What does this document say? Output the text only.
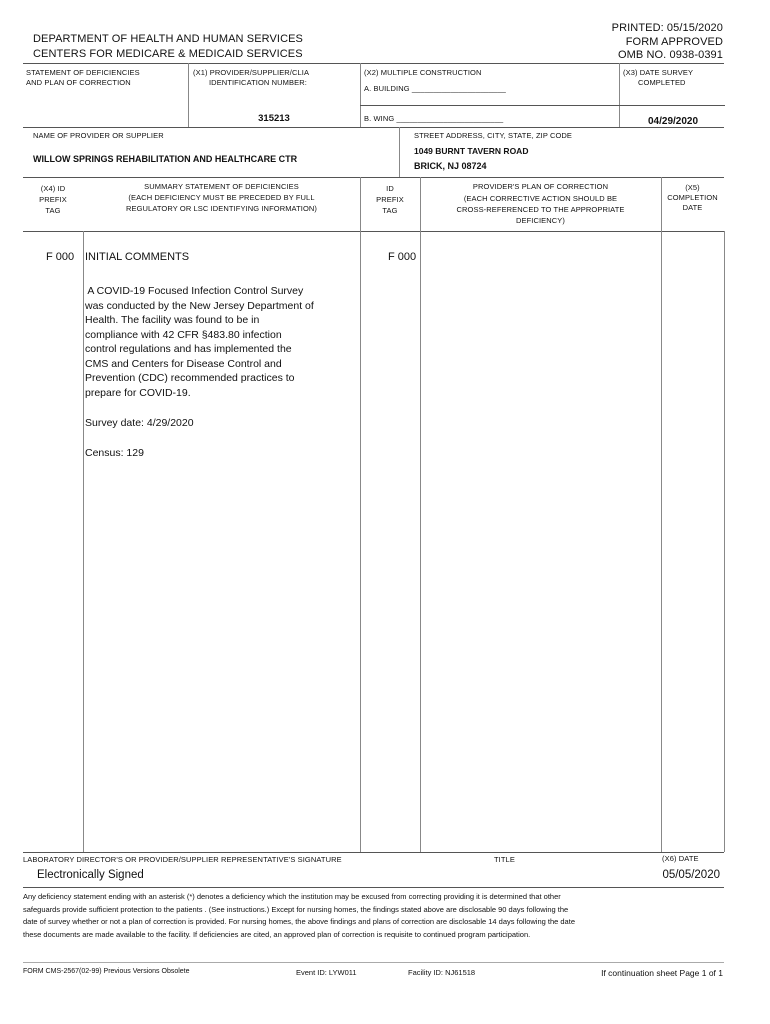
DEPARTMENT OF HEALTH AND HUMAN SERVICES
CENTERS FOR MEDICARE & MEDICAID SERVICES
PRINTED: 05/15/2020
FORM APPROVED
OMB NO. 0938-0391
STATEMENT OF DEFICIENCIES
AND PLAN OF CORRECTION
(X1) PROVIDER/SUPPLIER/CLIA
IDENTIFICATION NUMBER:
315213
(X2) MULTIPLE CONSTRUCTION
A. BUILDING ______________________
B. WING _________________________
(X3) DATE SURVEY
COMPLETED
04/29/2020
NAME OF PROVIDER OR SUPPLIER
WILLOW SPRINGS REHABILITATION AND HEALTHCARE CTR
STREET ADDRESS, CITY, STATE, ZIP CODE
1049 BURNT TAVERN ROAD
BRICK, NJ 08724
(X4) ID
PREFIX
TAG
SUMMARY STATEMENT OF DEFICIENCIES
(EACH DEFICIENCY MUST BE PRECEDED BY FULL
REGULATORY OR LSC IDENTIFYING INFORMATION)
ID
PREFIX
TAG
PROVIDER'S PLAN OF CORRECTION
(EACH CORRECTIVE ACTION SHOULD BE
CROSS-REFERENCED TO THE APPROPRIATE
DEFICIENCY)
(X5)
COMPLETION
DATE
F 000 INITIAL COMMENTS	F 000
A COVID-19 Focused Infection Control Survey
was conducted by the New Jersey Department of
Health. The facility was found to be in
compliance with 42 CFR §483.80 infection
control regulations and has implemented the
CMS and Centers for Disease Control and
Prevention (CDC) recommended practices to
prepare for COVID-19.
Survey date: 4/29/2020
Census: 129
LABORATORY DIRECTOR'S OR PROVIDER/SUPPLIER REPRESENTATIVE'S SIGNATURE	TITLE	(X6) DATE
Electronically Signed	05/05/2020
Any deficiency statement ending with an asterisk (*) denotes a deficiency which the institution may be excused from correcting providing it is determined that other
safeguards provide sufficient protection to the patients . (See instructions.) Except for nursing homes, the findings stated above are disclosable 90 days following the
date of survey whether or not a plan of correction is provided. For nursing homes, the above findings and plans of correction are disclosable 14 days following the date
these documents are made available to the facility. If deficiencies are cited, an approved plan of correction is requisite to continued program participation.
FORM CMS-2567(02-99) Previous Versions Obsolete	Event ID: LYW011	Facility ID: NJ61518	If continuation sheet Page 1 of 1
